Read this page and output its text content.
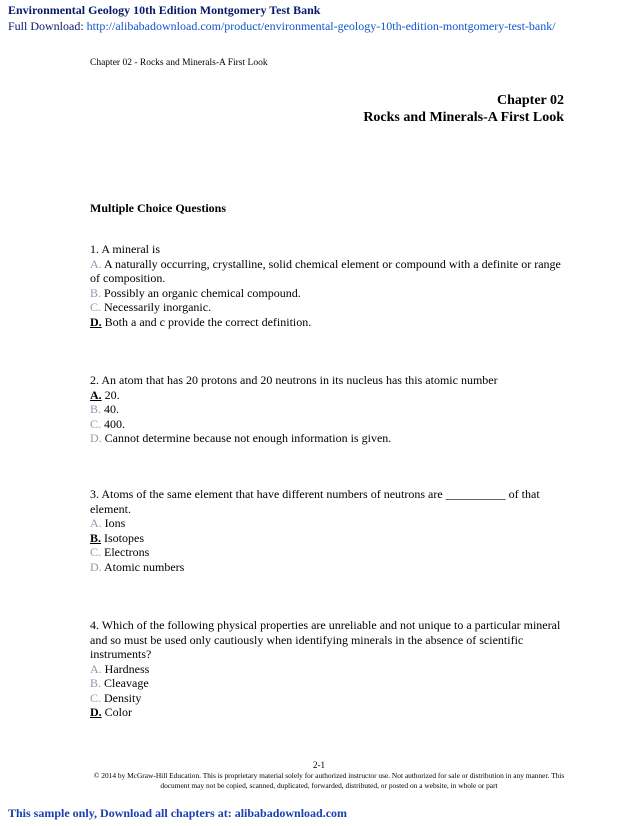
Environmental Geology 10th Edition Montgomery Test Bank
Full Download: http://alibabadownload.com/product/environmental-geology-10th-edition-montgomery-test-bank/
Chapter 02 - Rocks and Minerals-A First Look
Chapter 02
Rocks and Minerals-A First Look
Multiple Choice Questions

1. A mineral is

A. A naturally occurring, crystalline, solid chemical element or compound with a definite or range of composition.

B. Possibly an organic chemical compound.

C. Necessarily inorganic.

D. Both a and c provide the correct definition.

2. An atom that has 20 protons and 20 neutrons in its nucleus has this atomic number

A. 20.

B. 40.

C. 400.

D. Cannot determine because not enough information is given.

3. Atoms of the same element that have different numbers of neutrons are __________ of that element.

A. Ions

B. Isotopes

C. Electrons

D. Atomic numbers

4. Which of the following physical properties are unreliable and not unique to a particular mineral and so must be used only cautiously when identifying minerals in the absence of scientific instruments?

A. Hardness

B. Cleavage

C. Density

D. Color

2-1
© 2014 by McGraw-Hill Education. This is proprietary material solely for authorized instructor use. Not authorized for sale or distribution in any manner. This document may not be copied, scanned, duplicated, forwarded, distributed, or posted on a website, in whole or part
This sample only, Download all chapters at: alibabadownload.com
